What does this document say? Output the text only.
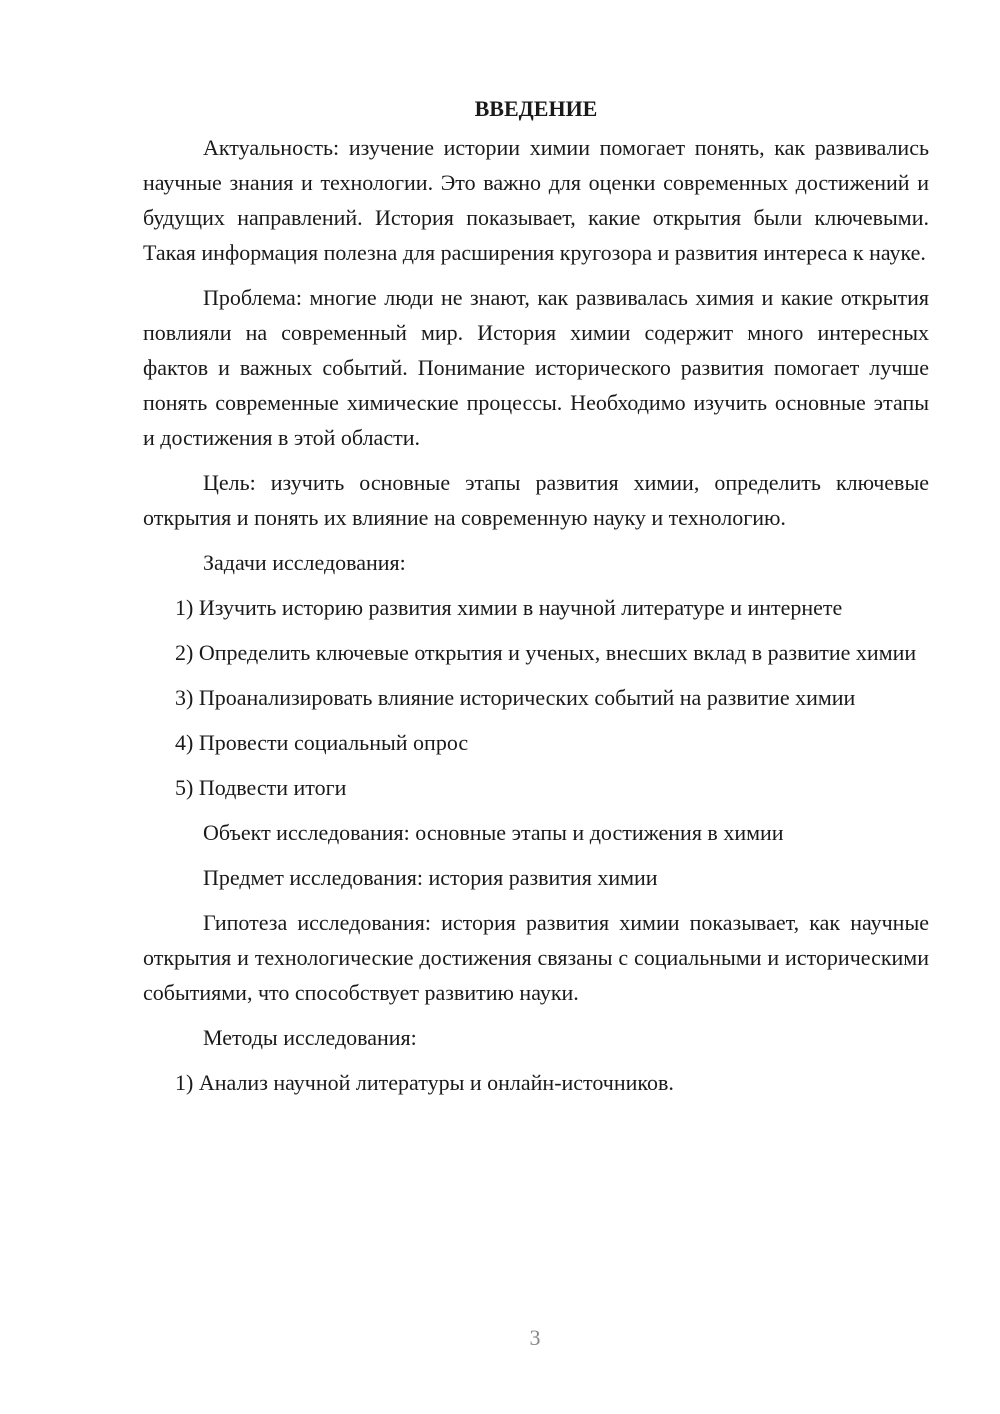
ВВЕДЕНИЕ

Актуальность: изучение истории химии помогает понять, как развивались научные знания и технологии. Это важно для оценки современных достижений и будущих направлений. История показывает, какие открытия были ключевыми. Такая информация полезна для расширения кругозора и развития интереса к науке.

Проблема: многие люди не знают, как развивалась химия и какие открытия повлияли на современный мир. История химии содержит много интересных фактов и важных событий. Понимание исторического развития помогает лучше понять современные химические процессы. Необходимо изучить основные этапы и достижения в этой области.

Цель: изучить основные этапы развития химии, определить ключевые открытия и понять их влияние на современную науку и технологию.

Задачи исследования:

1) Изучить историю развития химии в научной литературе и интернете

2) Определить ключевые открытия и ученых, внесших вклад в развитие химии

3) Проанализировать влияние исторических событий на развитие химии

4) Провести социальный опрос

5) Подвести итоги

Объект исследования: основные этапы и достижения в химии

Предмет исследования: история развития химии

Гипотеза исследования: история развития химии показывает, как научные открытия и технологические достижения связаны с социальными и историческими событиями, что способствует развитию науки.

Методы исследования:

1) Анализ научной литературы и онлайн-источников.

3
